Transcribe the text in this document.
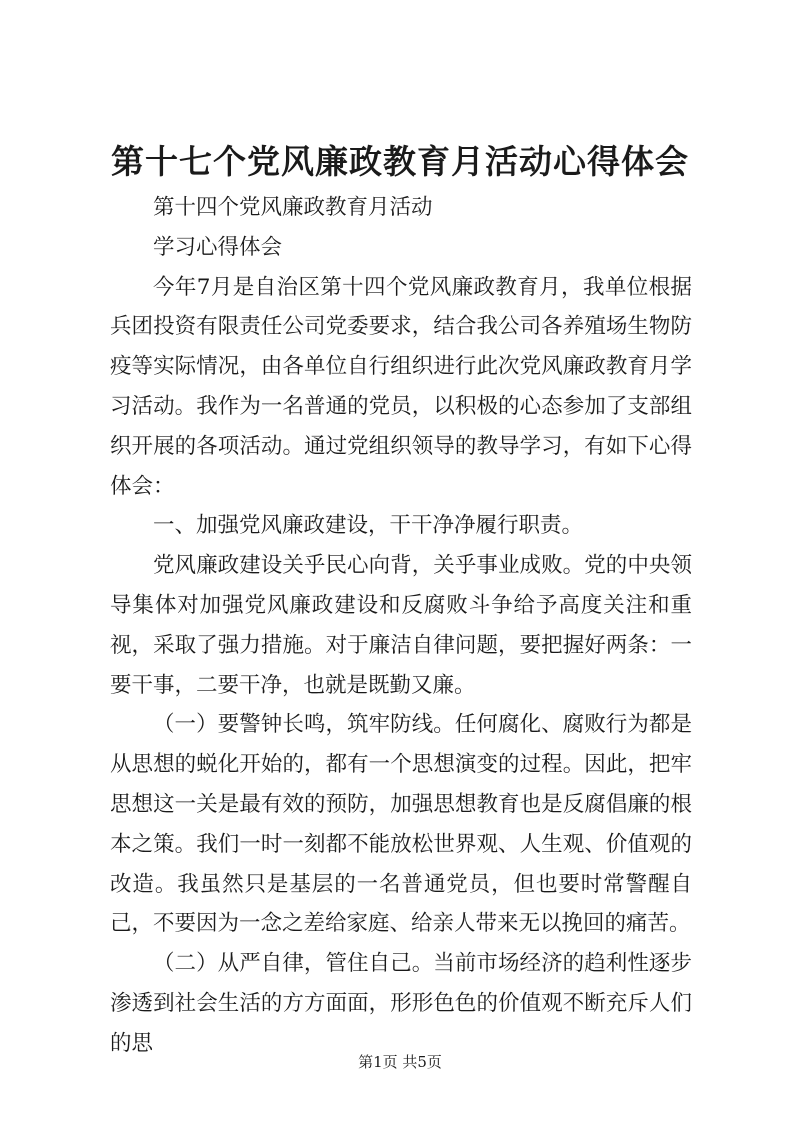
第十七个党风廉政教育月活动心得体会

第十四个党风廉政教育月活动

学习心得体会

今年7月是自治区第十四个党风廉政教育月，我单位根据兵团投资有限责任公司党委要求，结合我公司各养殖场生物防疫等实际情况，由各单位自行组织进行此次党风廉政教育月学习活动。我作为一名普通的党员，以积极的心态参加了支部组织开展的各项活动。通过党组织领导的教导学习，有如下心得体会：

一、加强党风廉政建设，干干净净履行职责。

党风廉政建设关乎民心向背，关乎事业成败。党的中央领导集体对加强党风廉政建设和反腐败斗争给予高度关注和重视，采取了强力措施。对于廉洁自律问题，要把握好两条：一要干事，二要干净，也就是既勤又廉。

（一）要警钟长鸣，筑牢防线。任何腐化、腐败行为都是从思想的蜕化开始的，都有一个思想演变的过程。因此，把牢思想这一关是最有效的预防，加强思想教育也是反腐倡廉的根本之策。我们一时一刻都不能放松世界观、人生观、价值观的改造。我虽然只是基层的一名普通党员，但也要时常警醒自己，不要因为一念之差给家庭、给亲人带来无以挽回的痛苦。

（二）从严自律，管住自己。当前市场经济的趋利性逐步渗透到社会生活的方方面面，形形色色的价值观不断充斥人们的思

第1页 共5页
